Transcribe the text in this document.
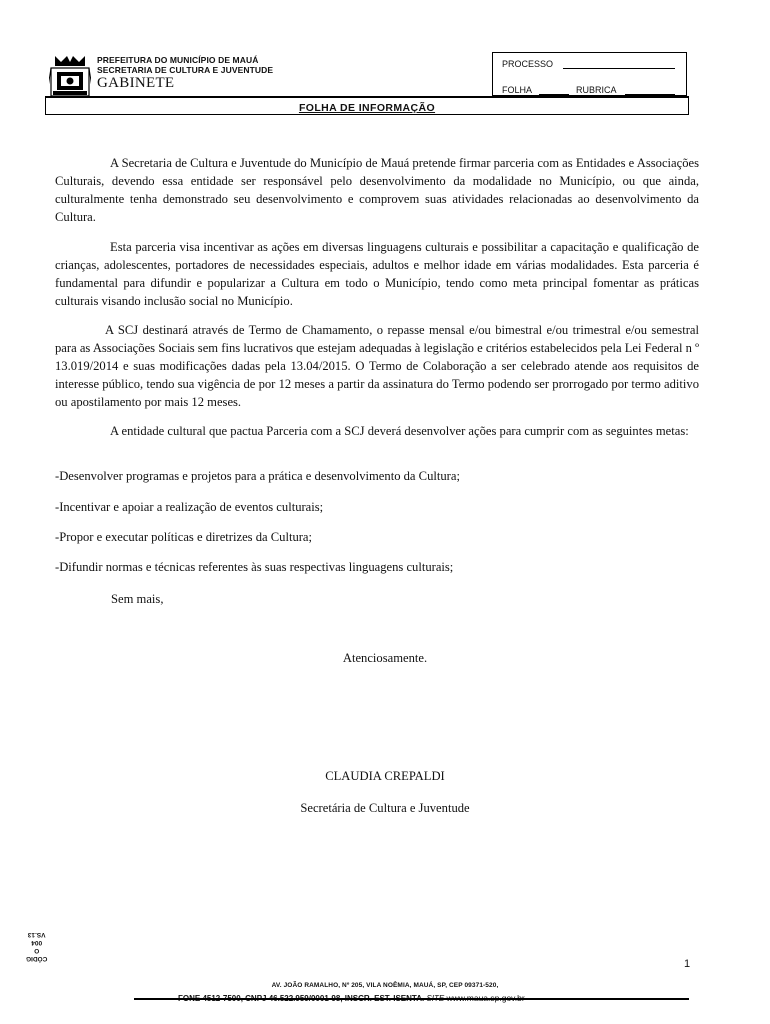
PREFEITURA DO MUNICÍPIO DE MAUÁ
SECRETARIA DE CULTURA E JUVENTUDE
GABINETE
PROCESSO
FOLHA	RUBRICA
FOLHA DE INFORMAÇÃO
A Secretaria de Cultura e Juventude do Município de Mauá pretende firmar parceria com as Entidades e Associações Culturais, devendo essa entidade ser responsável pelo desenvolvimento da modalidade no Município, ou que ainda, culturalmente tenha demonstrado seu desenvolvimento e comprovem suas atividades relacionadas ao desenvolvimento da Cultura.
Esta parceria visa incentivar as ações em diversas linguagens culturais e possibilitar a capacitação e qualificação de crianças, adolescentes, portadores de necessidades especiais, adultos e melhor idade em várias modalidades. Esta parceria é fundamental para difundir e popularizar a Cultura em todo o Município, tendo como meta principal fomentar as práticas culturais visando inclusão social no Município.
A SCJ destinará através de Termo de Chamamento, o repasse mensal e/ou bimestral e/ou trimestral e/ou semestral para as Associações Sociais sem fins lucrativos que estejam adequadas à legislação e critérios estabelecidos pela Lei Federal n º 13.019/2014 e suas modificações dadas pela 13.04/2015. O Termo de Colaboração a ser celebrado atende aos requisitos de interesse público, tendo sua vigência de por 12 meses a partir da assinatura do Termo podendo ser prorrogado por termo aditivo ou apostilamento por mais 12 meses.
A entidade cultural que pactua Parceria com a SCJ deverá desenvolver ações para cumprir com as seguintes metas:
-Desenvolver programas e projetos para a prática e desenvolvimento da Cultura;
-Incentivar e apoiar a realização de eventos culturais;
-Propor e executar políticas e diretrizes da Cultura;
-Difundir normas e técnicas referentes às suas respectivas linguagens culturais;
Sem mais,
Atenciosamente.
CLAUDIA CREPALDI
Secretária de Cultura e Juventude
CÓDIG
O
004
VS.13
1
AV. JOÃO RAMALHO, Nº 205, VILA NOÊMIA, MAUÁ, SP, CEP 09371-520,
